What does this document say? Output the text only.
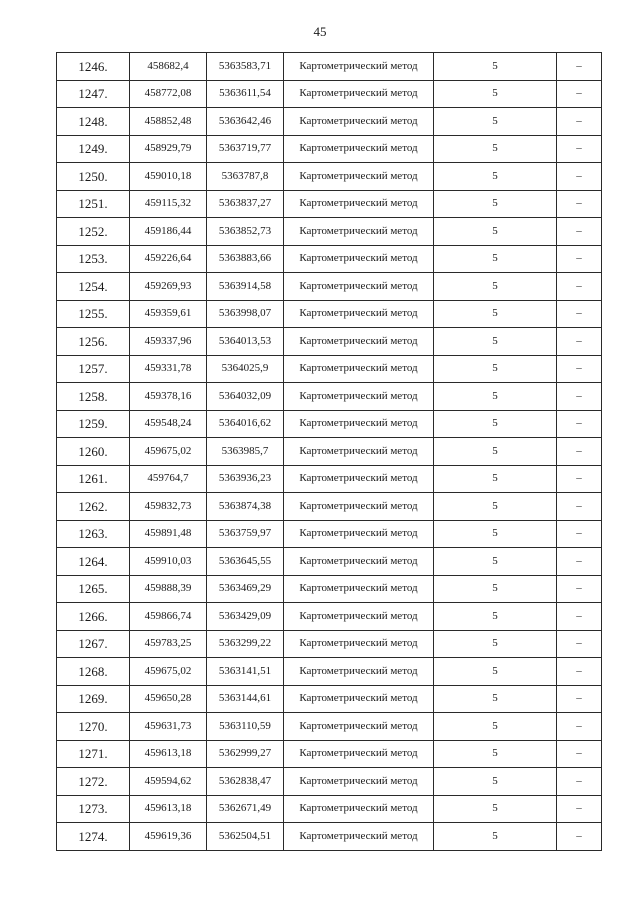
45
1246.	458682,4	5363583,71	Картометрический метод	5	–
1247.	458772,08	5363611,54	Картометрический метод	5	–
1248.	458852,48	5363642,46	Картометрический метод	5	–
1249.	458929,79	5363719,77	Картометрический метод	5	–
1250.	459010,18	5363787,8	Картометрический метод	5	–
1251.	459115,32	5363837,27	Картометрический метод	5	–
1252.	459186,44	5363852,73	Картометрический метод	5	–
1253.	459226,64	5363883,66	Картометрический метод	5	–
1254.	459269,93	5363914,58	Картометрический метод	5	–
1255.	459359,61	5363998,07	Картометрический метод	5	–
1256.	459337,96	5364013,53	Картометрический метод	5	–
1257.	459331,78	5364025,9	Картометрический метод	5	–
1258.	459378,16	5364032,09	Картометрический метод	5	–
1259.	459548,24	5364016,62	Картометрический метод	5	–
1260.	459675,02	5363985,7	Картометрический метод	5	–
1261.	459764,7	5363936,23	Картометрический метод	5	–
1262.	459832,73	5363874,38	Картометрический метод	5	–
1263.	459891,48	5363759,97	Картометрический метод	5	–
1264.	459910,03	5363645,55	Картометрический метод	5	–
1265.	459888,39	5363469,29	Картометрический метод	5	–
1266.	459866,74	5363429,09	Картометрический метод	5	–
1267.	459783,25	5363299,22	Картометрический метод	5	–
1268.	459675,02	5363141,51	Картометрический метод	5	–
1269.	459650,28	5363144,61	Картометрический метод	5	–
1270.	459631,73	5363110,59	Картометрический метод	5	–
1271.	459613,18	5362999,27	Картометрический метод	5	–
1272.	459594,62	5362838,47	Картометрический метод	5	–
1273.	459613,18	5362671,49	Картометрический метод	5	–
1274.	459619,36	5362504,51	Картометрический метод	5	–
